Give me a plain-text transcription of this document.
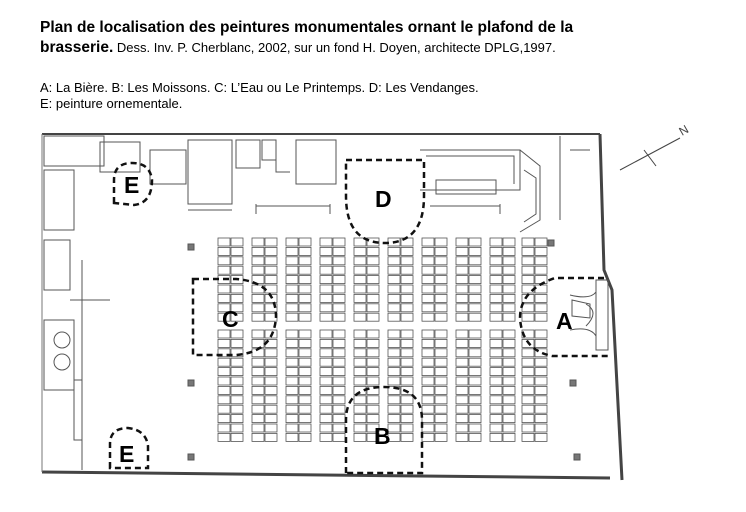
Plan de localisation des peintures monumentales ornant le plafond de la
brasserie. Dess. Inv. P. Cherblanc, 2002, sur un fond H. Doyen, architecte DPLG,1997.
A: La Bière. B: Les Moissons. C: L’Eau ou Le Printemps. D: Les Vendanges.
E: peinture ornementale.
N
E
D
C	A
B
E
